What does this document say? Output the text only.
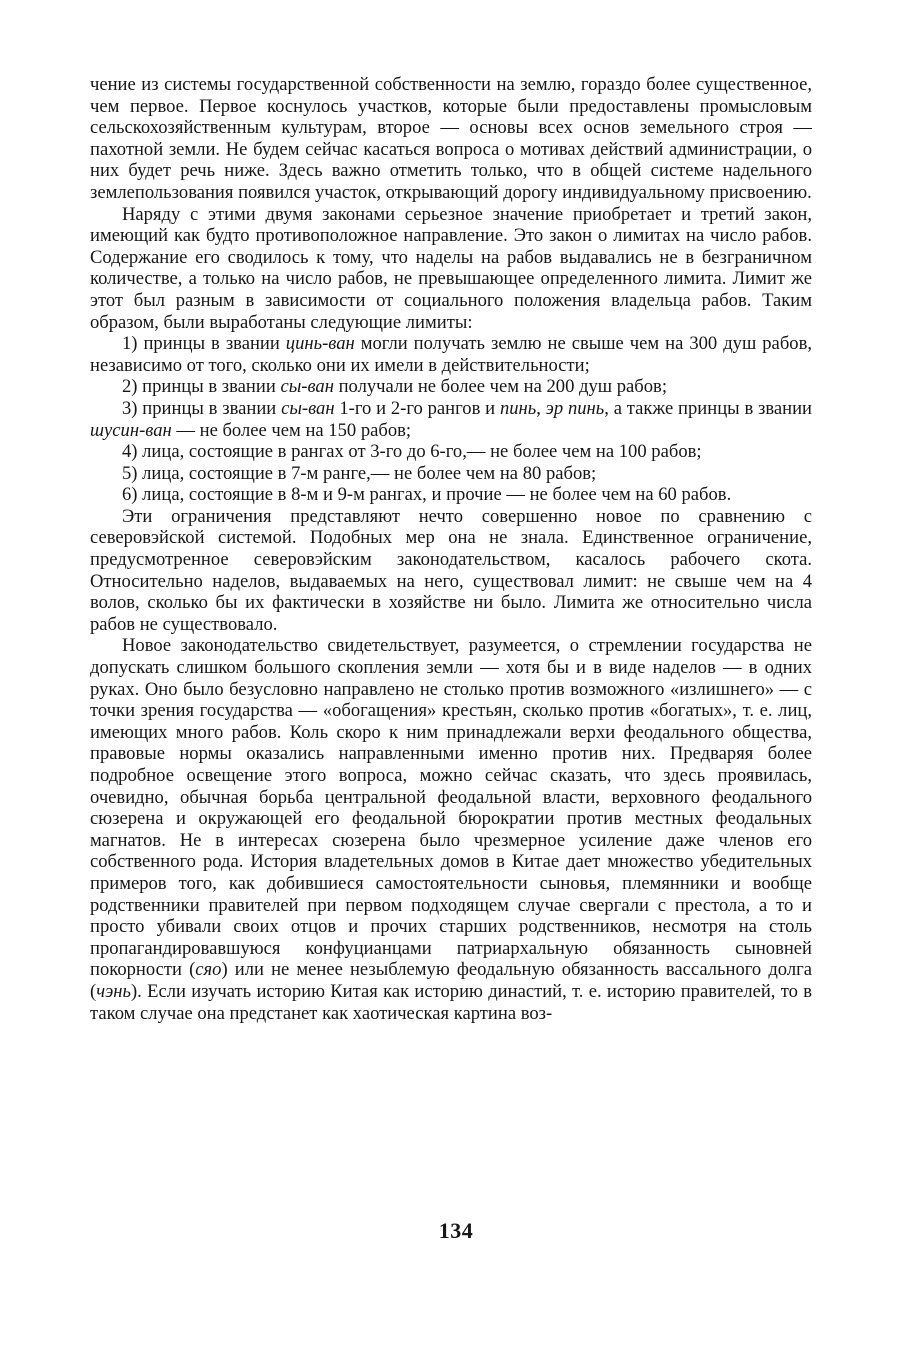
чение из системы государственной собственности на землю, гораздо более существенное, чем первое. Первое коснулось участков, которые были предоставлены промысловым сельскохозяйственным культурам, второе — основы всех основ земельного строя — пахотной земли. Не будем сейчас касаться вопроса о мотивах действий администрации, о них будет речь ниже. Здесь важно отметить только, что в общей системе надельного землепользования появился участок, открывающий дорогу индивидуальному присвоению.

Наряду с этими двумя законами серьезное значение приобретает и третий закон, имеющий как будто противоположное направление. Это закон о лимитах на число рабов. Содержание его сводилось к тому, что наделы на рабов выдавались не в безграничном количестве, а только на число рабов, не превышающее определенного лимита. Лимит же этот был разным в зависимости от социального положения владельца рабов. Таким образом, были выработаны следующие лимиты:

1) принцы в звании цинь-ван могли получать землю не свыше чем на 300 душ рабов, независимо от того, сколько они их имели в действительности;

2) принцы в звании сы-ван получали не более чем на 200 душ рабов;

3) принцы в звании сы-ван 1-го и 2-го рангов и пинь, эр пинь, а также принцы в звании шусин-ван — не более чем на 150 рабов;

4) лица, состоящие в рангах от 3-го до 6-го,— не более чем на 100 рабов;

5) лица, состоящие в 7-м ранге,— не более чем на 80 рабов;

6) лица, состоящие в 8-м и 9-м рангах, и прочие — не более чем на 60 рабов.

Эти ограничения представляют нечто совершенно новое по сравнению с северовэйской системой. Подобных мер она не знала. Единственное ограничение, предусмотренное северовэйским законодательством, касалось рабочего скота. Относительно наделов, выдаваемых на него, существовал лимит: не свыше чем на 4 волов, сколько бы их фактически в хозяйстве ни было. Лимита же относительно числа рабов не существовало.

Новое законодательство свидетельствует, разумеется, о стремлении государства не допускать слишком большого скопления земли — хотя бы и в виде наделов — в одних руках. Оно было безусловно направлено не столько против возможного «излишнего» — с точки зрения государства — «обогащения» крестьян, сколько против «богатых», т. е. лиц, имеющих много рабов. Коль скоро к ним принадлежали верхи феодального общества, правовые нормы оказались направленными именно против них. Предваряя более подробное освещение этого вопроса, можно сейчас сказать, что здесь проявилась, очевидно, обычная борьба центральной феодальной власти, верховного феодального сюзерена и окружающей его феодальной бюрократии против местных феодальных магнатов. Не в интересах сюзерена было чрезмерное усиление даже членов его собственного рода. История владетельных домов в Китае дает множество убедительных примеров того, как добившиеся самостоятельности сыновья, племянники и вообще родственники правителей при первом подходящем случае свергали с престола, а то и просто убивали своих отцов и прочих старших родственников, несмотря на столь пропагандировавшуюся конфуцианцами патриархальную обязанность сыновней покорности (сяо) или не менее незыблемую феодальную обязанность вассального долга (чэнь). Если изучать историю Китая как историю династий, т. е. историю правителей, то в таком случае она предстанет как хаотическая картина воз-

134
